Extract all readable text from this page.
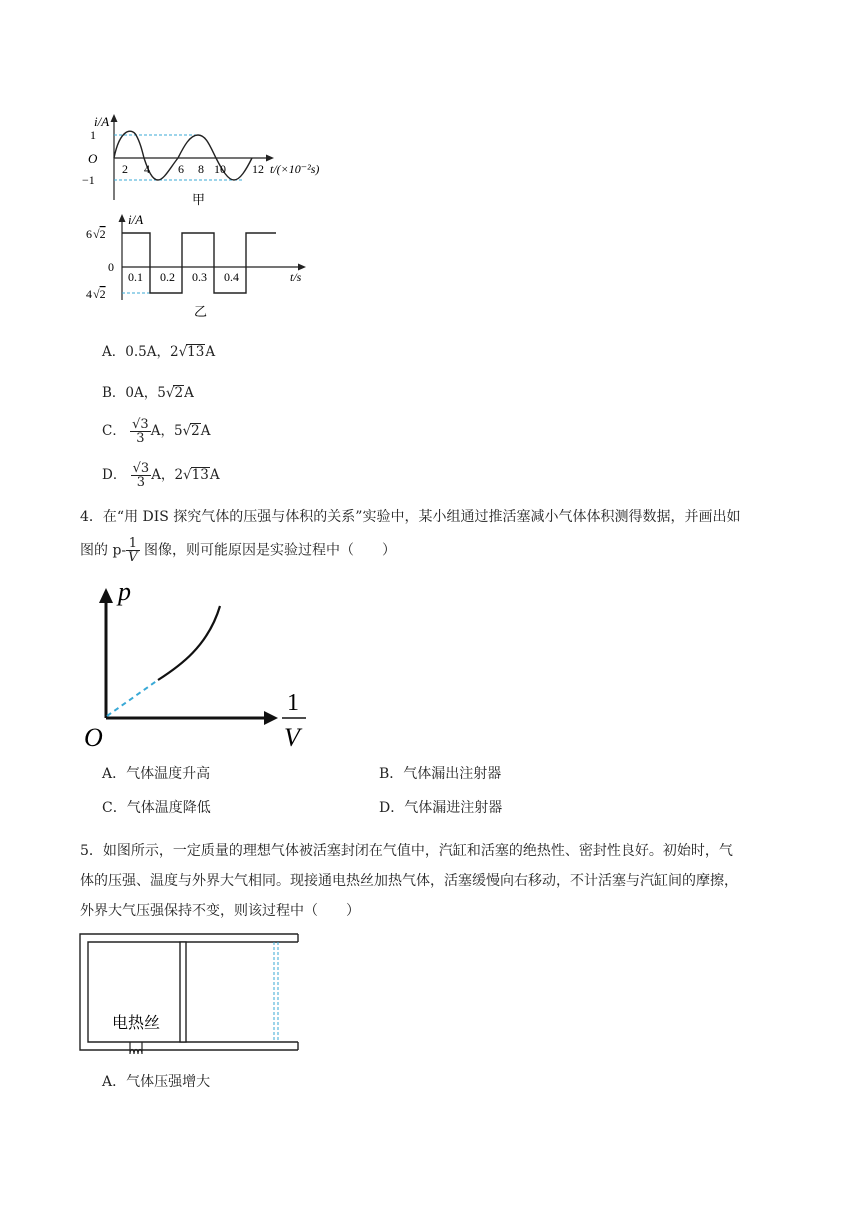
i/A
1
O
−1
2 4 6 8 10 12 t/(×10⁻²s)
甲
i/A
6√2
0
4√2
0.1 0.2 0.3 0.4	t/s
乙
A．0.5A，2√13A
B．0A，5√2A
C． $\frac{√3}{3}$ A，5√2A
D． $\frac{√3}{3}$ A，2√13A
4．在“用 DIS 探究气体的压强与体积的关系”实验中，某小组通过推活塞减小气体体积测得数据，并画出如
图的 $p- \frac{1}{V}$ 图像，则可能原因是实验过程中（　　）
p
O
1
V
A．气体温度升高	B．气体漏出注射器
C．气体温度降低	D．气体漏进注射器
5．如图所示，一定质量的理想气体被活塞封闭在气值中，汽缸和活塞的绝热性、密封性良好。初始时，气
体的压强、温度与外界大气相同。现接通电热丝加热气体，活塞缓慢向右移动，不计活塞与汽缸间的摩擦，
外界大气压强保持不变，则该过程中（　　）
电热丝
A．气体压强增大
